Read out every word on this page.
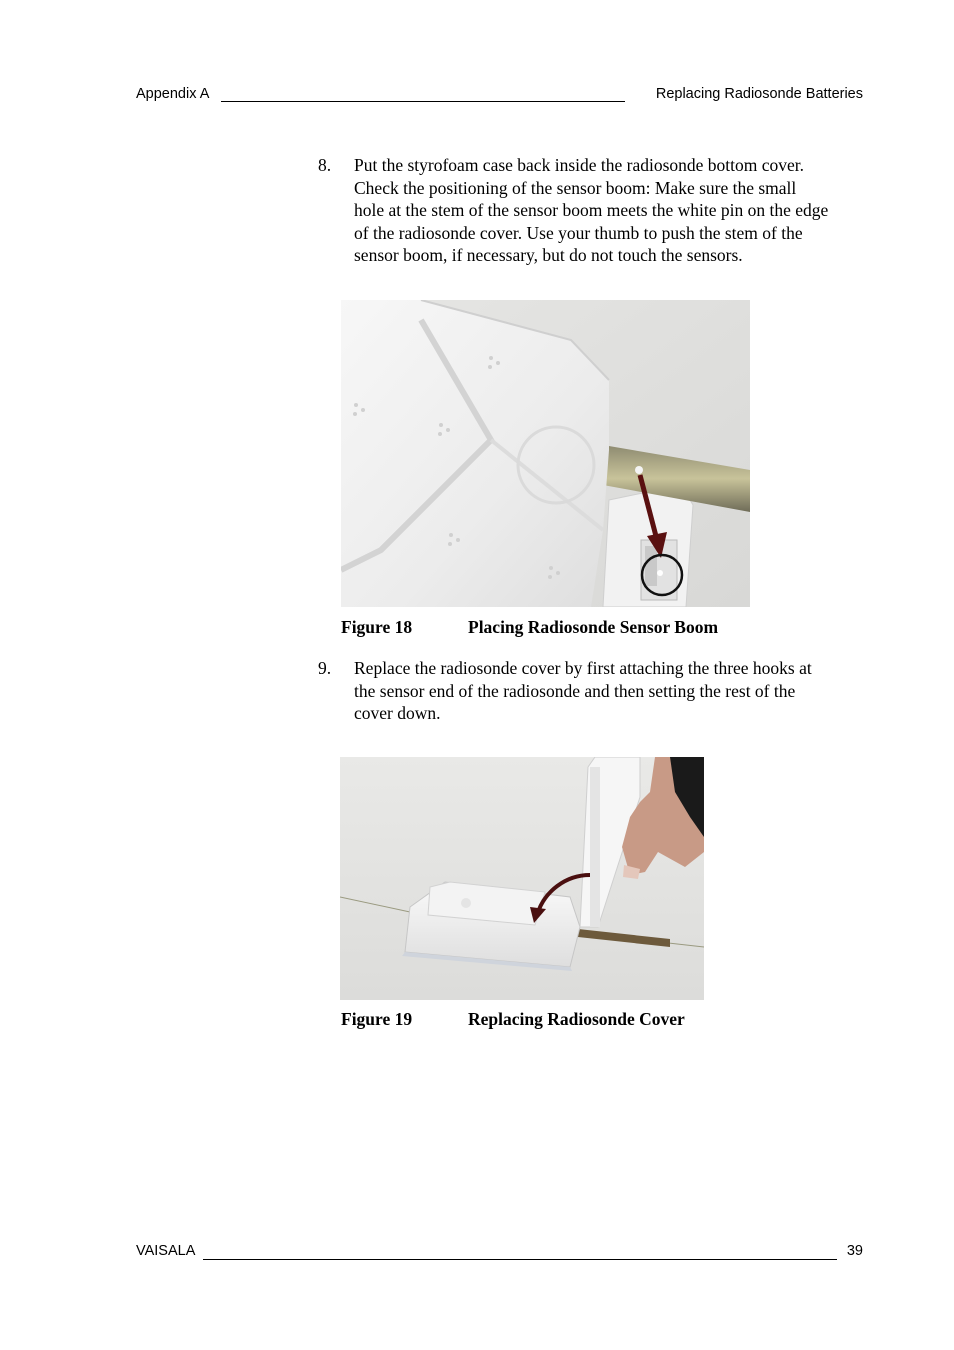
Appendix A	Replacing Radiosonde Batteries
8. Put the styrofoam case back inside the radiosonde bottom cover.
Check the positioning of the sensor boom: Make sure the small
hole at the stem of the sensor boom meets the white pin on the edge
of the radiosonde cover. Use your thumb to push the stem of the
sensor boom, if necessary, but do not touch the sensors.
Figure 18	Placing Radiosonde Sensor Boom
9. Replace the radiosonde cover by first attaching the three hooks at
the sensor end of the radiosonde and then setting the rest of the
cover down.
Figure 19	Replacing Radiosonde Cover
VAISALA	39
